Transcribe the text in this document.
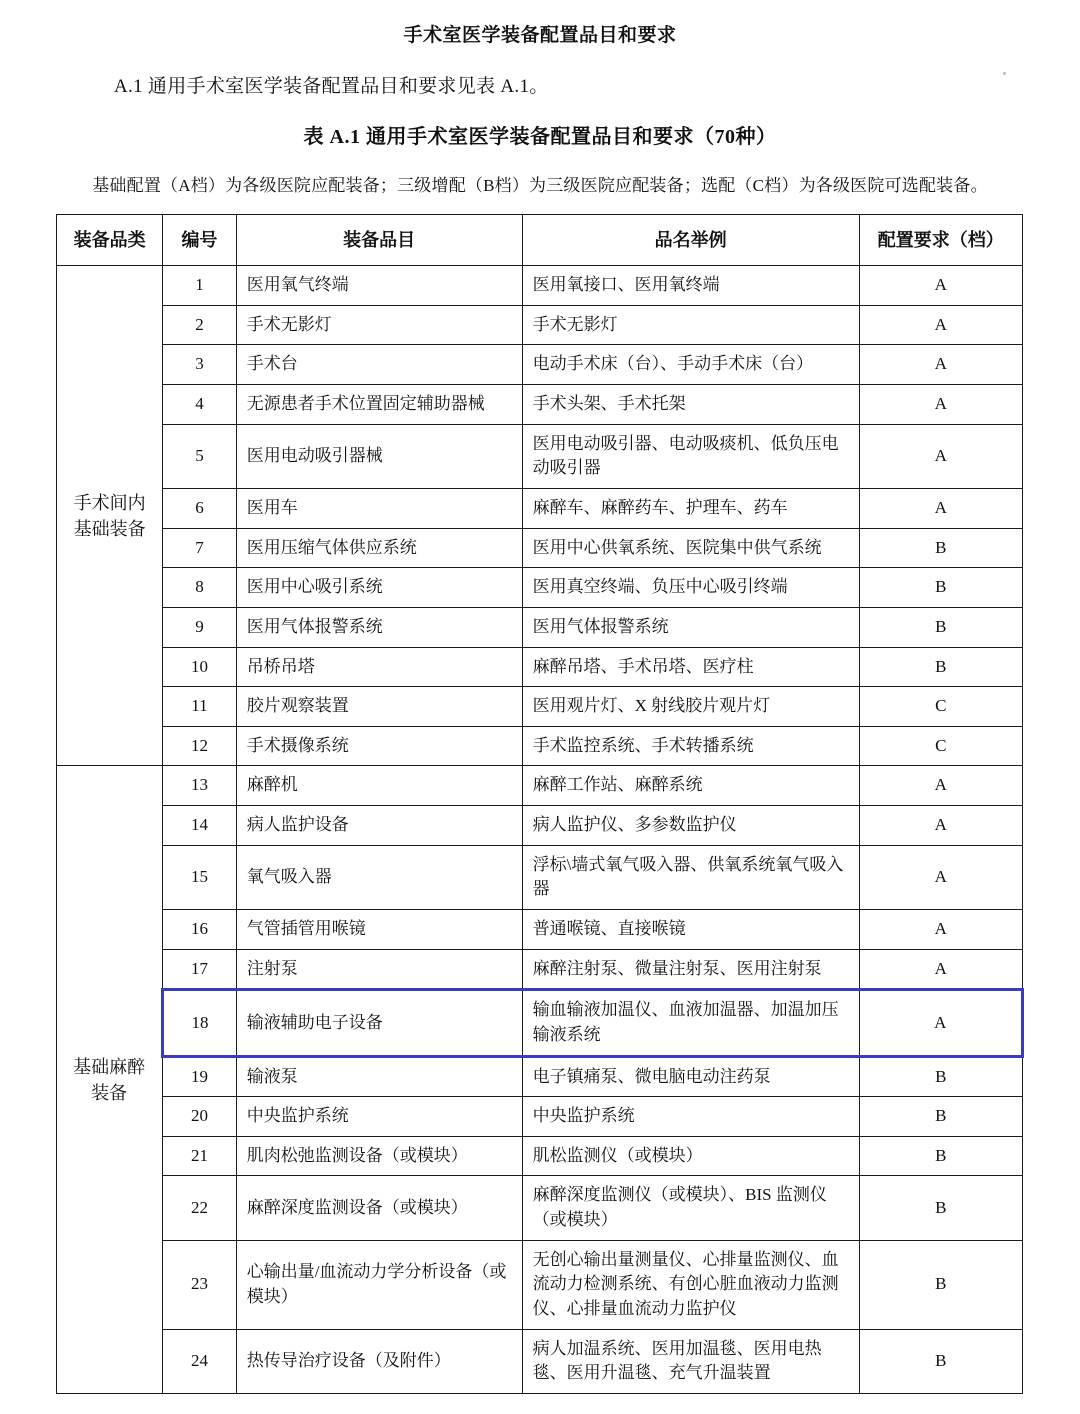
手术室医学装备配置品目和要求
A.1 通用手术室医学装备配置品目和要求见表 A.1。
表 A.1 通用手术室医学装备配置品目和要求（70种）
基础配置（A档）为各级医院应配装备；三级增配（B档）为三级医院应配装备；选配（C档）为各级医院可选配装备。
装备品类	编号	装备品目	品名举例	配置要求（档）
手术间内
基础装备	1	医用氧气终端	医用氧接口、医用氧终端	A
	2	手术无影灯	手术无影灯	A
	3	手术台	电动手术床（台）、手动手术床（台）	A
	4	无源患者手术位置固定辅助器械	手术头架、手术托架	A
	5	医用电动吸引器械	医用电动吸引器、电动吸痰机、低负压电动吸引器	A
	6	医用车	麻醉车、麻醉药车、护理车、药车	A
	7	医用压缩气体供应系统	医用中心供氧系统、医院集中供气系统	B
	8	医用中心吸引系统	医用真空终端、负压中心吸引终端	B
	9	医用气体报警系统	医用气体报警系统	B
	10	吊桥吊塔	麻醉吊塔、手术吊塔、医疗柱	B
	11	胶片观察装置	医用观片灯、X 射线胶片观片灯	C
	12	手术摄像系统	手术监控系统、手术转播系统	C
基础麻醉
装备	13	麻醉机	麻醉工作站、麻醉系统	A
	14	病人监护设备	病人监护仪、多参数监护仪	A
	15	氧气吸入器	浮标\墙式氧气吸入器、供氧系统氧气吸入器	A
	16	气管插管用喉镜	普通喉镜、直接喉镜	A
	17	注射泵	麻醉注射泵、微量注射泵、医用注射泵	A
	18	输液辅助电子设备	输血输液加温仪、血液加温器、加温加压输液系统	A
	19	输液泵	电子镇痛泵、微电脑电动注药泵	B
	20	中央监护系统	中央监护系统	B
	21	肌肉松弛监测设备（或模块）	肌松监测仪（或模块）	B
	22	麻醉深度监测设备（或模块）	麻醉深度监测仪（或模块）、BIS 监测仪（或模块）	B
	23	心输出量/血流动力学分析设备（或模块）	无创心输出量测量仪、心排量监测仪、血流动力检测系统、有创心脏血液动力监测仪、心排量血流动力监护仪	B
	24	热传导治疗设备（及附件）	病人加温系统、医用加温毯、医用电热毯、医用升温毯、充气升温装置	B
